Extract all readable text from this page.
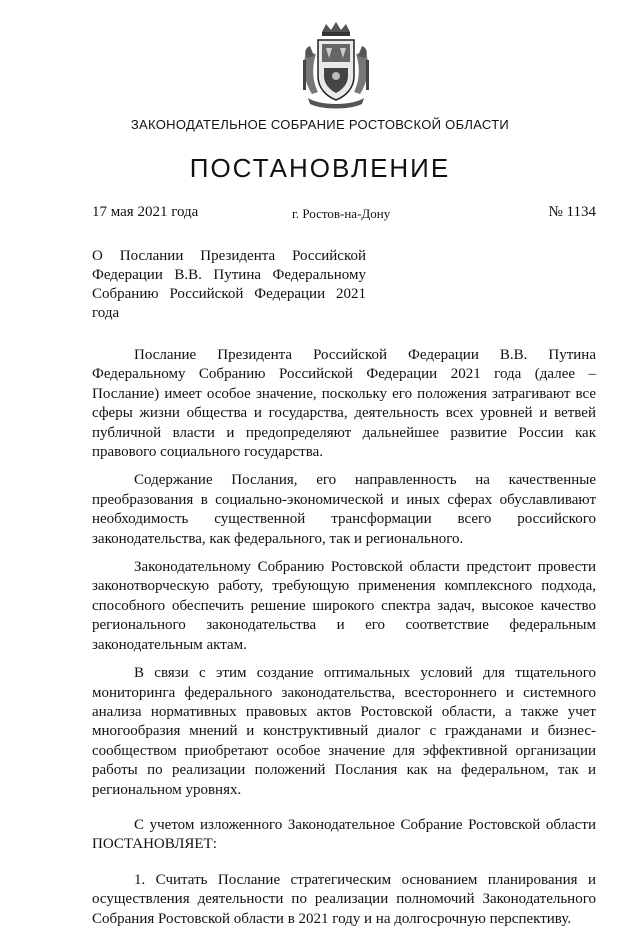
ЗАКОНОДАТЕЛЬНОЕ СОБРАНИЕ РОСТОВСКОЙ ОБЛАСТИ
ПОСТАНОВЛЕНИЕ
17 мая 2021 года	г. Ростов-на-Дону	№ 1134
О Послании Президента Российской Федерации В.В. Путина Федеральному Собранию Российской Федерации 2021 года

Послание Президента Российской Федерации В.В. Путина Федеральному Собранию Российской Федерации 2021 года (далее – Послание) имеет особое значение, поскольку его положения затрагивают все сферы жизни общества и государства, деятельность всех уровней и ветвей публичной власти и предопределяют дальнейшее развитие России как правового социального государства.

Содержание Послания, его направленность на качественные преобразования в социально-экономической и иных сферах обуславливают необходимость существенной трансформации всего российского законодательства, как федерального, так и регионального.

Законодательному Собранию Ростовской области предстоит провести законотворческую работу, требующую применения комплексного подхода, способного обеспечить решение широкого спектра задач, высокое качество регионального законодательства и его соответствие федеральным законодательным актам.

В связи с этим создание оптимальных условий для тщательного мониторинга федерального законодательства, всестороннего и системного анализа нормативных правовых актов Ростовской области, а также учет многообразия мнений и конструктивный диалог с гражданами и бизнес-сообществом приобретают особое значение для эффективной организации работы по реализации положений Послания как на федеральном, так и региональном уровнях.

С учетом изложенного Законодательное Собрание Ростовской области
ПОСТАНОВЛЯЕТ:

1. Считать Послание стратегическим основанием планирования и осуществления деятельности по реализации полномочий Законодательного Собрания Ростовской области в 2021 году и на долгосрочную перспективу.
